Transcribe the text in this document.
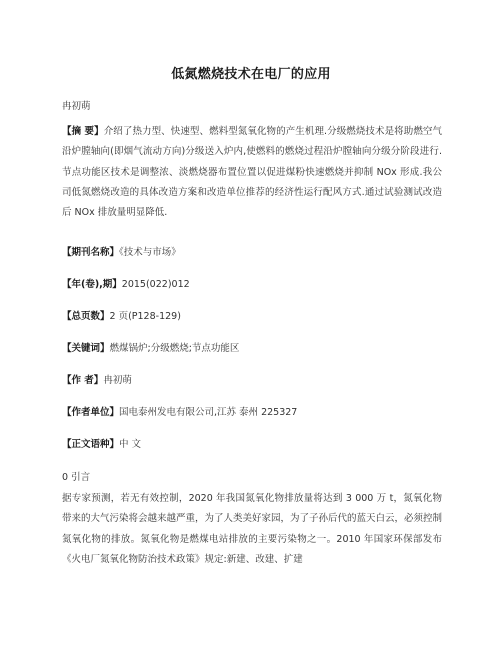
低氮燃烧技术在电厂的应用
冉初萌
【摘 要】介绍了热力型、快速型、燃料型氮氧化物的产生机理.分级燃烧技术是将助燃空气沿炉膛轴向(即烟气流动方向)分级送入炉内,使燃料的燃烧过程沿炉膛轴向分级分阶段进行.节点功能区技术是调整浓、淡燃烧器布置位置以促进煤粉快速燃烧并抑制 NOx 形成.我公司低氮燃烧改造的具体改造方案和改造单位推荐的经济性运行配风方式.通过试验测试改造后 NOx 排放量明显降低.
【期刊名称】《技术与市场》
【年(卷),期】2015(022)012
【总页数】2 页(P128-129)
【关键词】燃煤锅炉;分级燃烧;节点功能区
【作 者】冉初萌
【作者单位】国电泰州发电有限公司,江苏 泰州 225327
【正文语种】中 文
0 引言
据专家预测，若无有效控制，2020 年我国氮氧化物排放量将达到 3 000 万 t，氮氧化物带来的大气污染将会越来越严重，为了人类美好家园，为了子孙后代的蓝天白云，必须控制氮氧化物的排放。氮氧化物是燃煤电站排放的主要污染物之一。2010 年国家环保部发布《火电厂氮氧化物防治技术政策》规定:新建、改建、扩建
